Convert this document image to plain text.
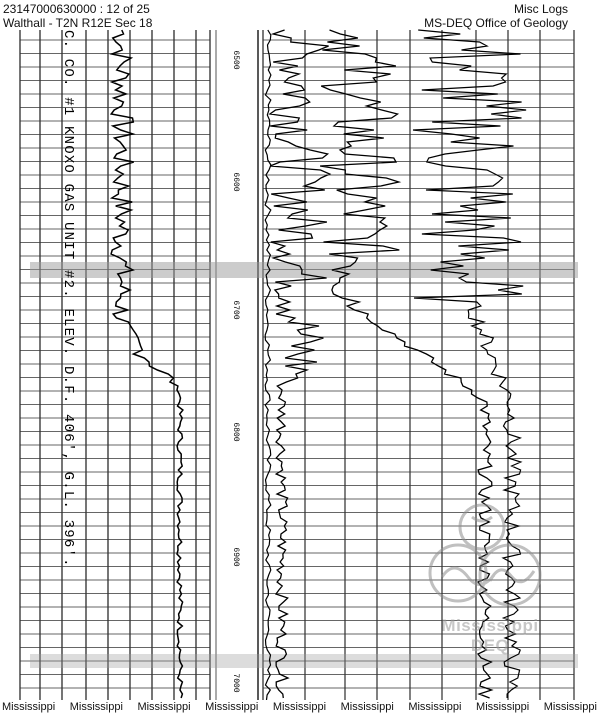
23147000630000 : 12 of 25
Walthall - T2N R12E Sec 18
Misc Logs
MS-DEQ Office of Geology
6500
6600
6700
6800
6900
7000
C. CO. #1 KNOXO GAS UNIT #2. ELEV. D.F. 406', G.L. 396'.
Mississippi
DEQ
Mississippi Mississippi Mississippi Mississippi Mississippi Mississippi Mississippi Mississippi Mississippi
